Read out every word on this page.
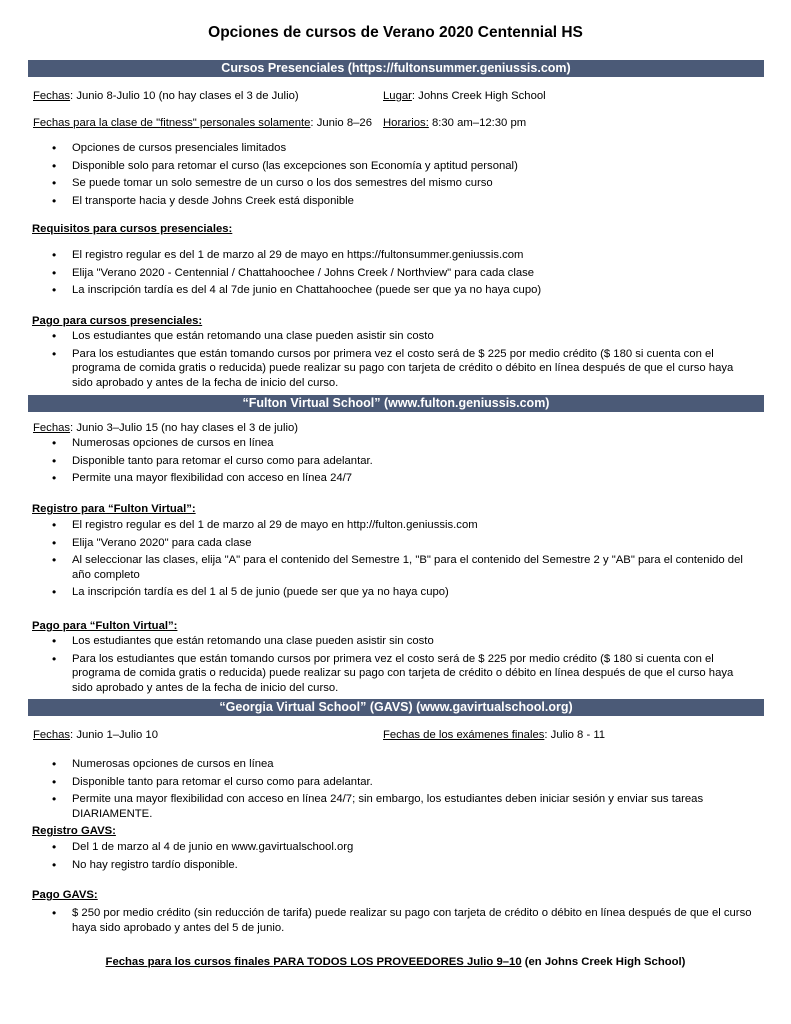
Opciones de cursos de Verano 2020 Centennial HS
Cursos Presenciales (https://fultonsummer.geniussis.com)
Fechas: Junio 8-Julio 10 (no hay clases el 3 de Julio)	Lugar: Johns Creek High School
Fechas para la clase de "fitness" personales solamente: Junio 8–26 Horarios: 8:30 am–12:30 pm
• Opciones de cursos presenciales limitados
• Disponible solo para retomar el curso (las excepciones son Economía y aptitud personal)
• Se puede tomar un solo semestre de un curso o los dos semestres del mismo curso
• El transporte hacia y desde Johns Creek está disponible
Requisitos para cursos presenciales:
• El registro regular es del 1 de marzo al 29 de mayo en https://fultonsummer.geniussis.com
• Elija "Verano 2020 - Centennial / Chattahoochee / Johns Creek / Northview" para cada clase
• La inscripción tardía es del 4 al 7de junio en Chattahoochee (puede ser que ya no haya cupo)
Pago para cursos presenciales:
• Los estudiantes que están retomando una clase pueden asistir sin costo
• Para los estudiantes que están tomando cursos por primera vez el costo será de $ 225 por medio crédito ($ 180 si cuenta con el programa de comida gratis o reducida) puede realizar su pago con tarjeta de crédito o débito en línea después de que el curso haya sido aprobado y antes de la fecha de inicio del curso.
“Fulton Virtual School” (www.fulton.geniussis.com)
Fechas: Junio 3–Julio 15 (no hay clases el 3 de julio)
• Numerosas opciones de cursos en línea
• Disponible tanto para retomar el curso como para adelantar.
• Permite una mayor flexibilidad con acceso en línea 24/7
Registro para “Fulton Virtual”:
• El registro regular es del 1 de marzo al 29 de mayo en http://fulton.geniussis.com
• Elija "Verano 2020" para cada clase
• Al seleccionar las clases, elija "A" para el contenido del Semestre 1, "B" para el contenido del Semestre 2 y "AB" para el contenido del año completo
• La inscripción tardía es del 1 al 5 de junio (puede ser que ya no haya cupo)
Pago para “Fulton Virtual”:
• Los estudiantes que están retomando una clase pueden asistir sin costo
• Para los estudiantes que están tomando cursos por primera vez el costo será de $ 225 por medio crédito ($ 180 si cuenta con el programa de comida gratis o reducida) puede realizar su pago con tarjeta de crédito o débito en línea después de que el curso haya sido aprobado y antes de la fecha de inicio del curso.
“Georgia Virtual School” (GAVS) (www.gavirtualschool.org)
Fechas: Junio 1–Julio 10	Fechas de los exámenes finales: Julio 8 - 11
• Numerosas opciones de cursos en línea
• Disponible tanto para retomar el curso como para adelantar.
• Permite una mayor flexibilidad con acceso en línea 24/7; sin embargo, los estudiantes deben iniciar sesión y enviar sus tareas DIARIAMENTE.
Registro GAVS:
• Del 1 de marzo al 4 de junio en www.gavirtualschool.org
• No hay registro tardío disponible.
Pago GAVS:
• $ 250 por medio crédito (sin reducción de tarifa) puede realizar su pago con tarjeta de crédito o débito en línea después de que el curso haya sido aprobado y antes del 5 de junio.
Fechas para los cursos finales PARA TODOS LOS PROVEEDORES Julio 9–10 (en Johns Creek High School)
